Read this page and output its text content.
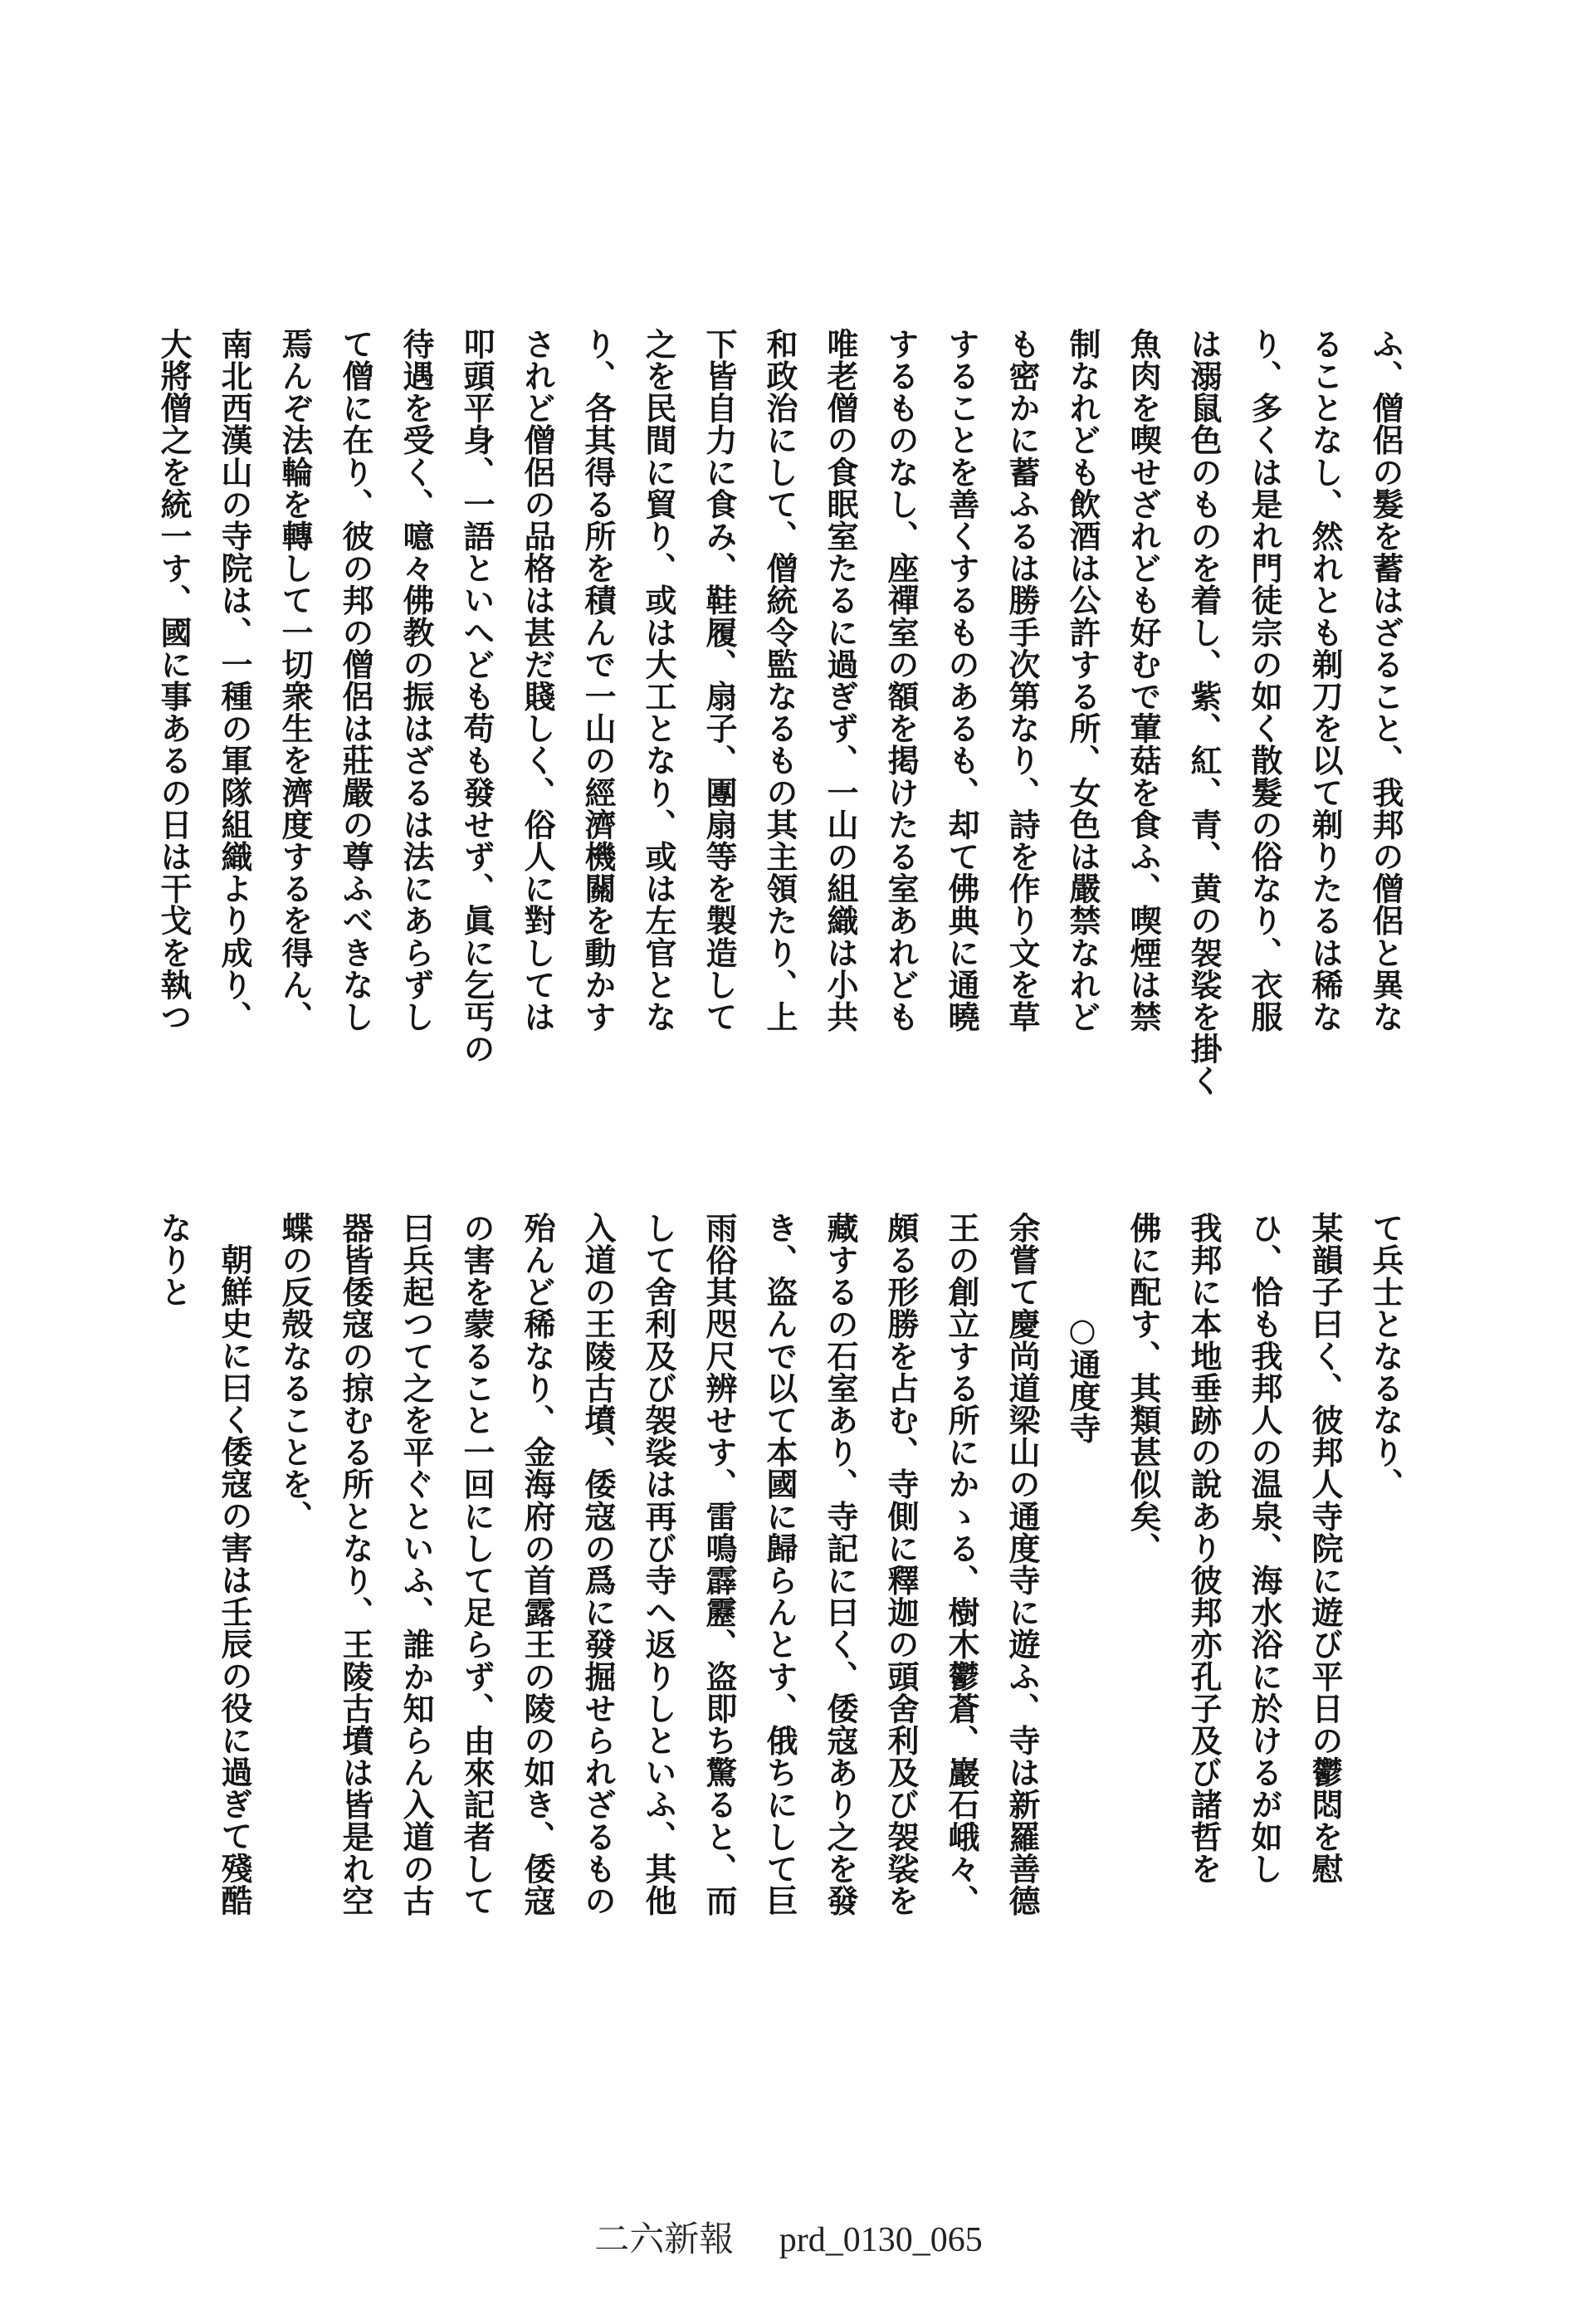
ふ、僧侶の髮を蓄はざること、我邦の僧侶と異な
ることなし、然れとも剃刀を以て剃りたるは稀な
り、多くは是れ門徒宗の如く散髮の俗なり、衣服
は溺鼠色のものを着し、紫、紅、青、黄の袈裟を掛く
魚肉を喫せざれども好むで葷菇を食ふ、喫煙は禁
制なれども飲酒は公許する所、女色は嚴禁なれど
も密かに蓄ふるは勝手次第なり、詩を作り文を草
することを善くするものあるも、却て佛典に通曉
するものなし、座禪室の額を掲けたる室あれども
唯老僧の食眠室たるに過ぎず、一山の組織は小共
和政治にして、僧統令監なるもの其主領たり、上
下皆自力に食み、鞋履、扇子、團扇等を製造して
之を民間に貿り、或は大工となり、或は左官とな
り、各其得る所を積んで一山の經濟機關を動かす
されど僧侶の品格は甚だ賤しく、俗人に對しては
叩頭平身、一語といへども苟も發せず、眞に乞丐の
待遇を受く、噫々佛教の振はざるは法にあらずし
て僧に在り、彼の邦の僧侶は莊嚴の尊ふべきなし
焉んぞ法輪を轉して一切衆生を濟度するを得ん、
南北西漢山の寺院は、一種の軍隊組織より成り、
大將僧之を統一す、國に事あるの日は干戈を執つ
て兵士となるなり、
某韻子曰く、彼邦人寺院に遊び平日の鬱悶を慰
ひ、恰も我邦人の温泉、海水浴に於けるが如し
我邦に本地垂跡の說あり彼邦亦孔子及び諸哲を
佛に配す、其類甚似矣、
○通度寺
余嘗て慶尚道梁山の通度寺に遊ふ、寺は新羅善德
王の創立する所にかゝる、樹木鬱蒼、巖石峨々、
頗る形勝を占む、寺側に釋迦の頭舍利及び袈裟を
藏するの石室あり、寺記に曰く、倭寇あり之を發
き、盗んで以て本國に歸らんとす、俄ちにして巨
雨俗其咫尺辨せす、雷鳴霹靂、盗即ち驚ると、而
して舍利及び袈裟は再び寺へ返りしといふ、其他
入道の王陵古墳、倭寇の爲に發掘せられざるもの
殆んど稀なり、金海府の首露王の陵の如き、倭寇
の害を蒙ること一回にして足らず、由來記者して
曰兵起つて之を平ぐといふ、誰か知らん入道の古
器皆倭寇の掠むる所となり、王陵古墳は皆是れ空
蝶の反殻なることを、
朝鮮史に曰く倭寇の害は壬辰の役に過ぎて殘酷
なりと
二六新報 prd_0130_065
